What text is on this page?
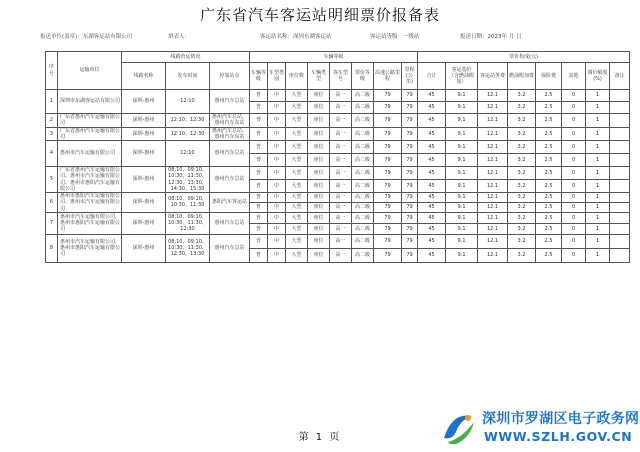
广东省汽车客运站明细票价报备表
报送单位(盖章)：东湖客运站有限公司	填表人：	客运站名称：深圳东湖客运站	客运站等级：一级站	报送日期：2023年 月 日
序号	运输单位	线路营运情况			车辆等级								票价构成(元)							
		线路名称	发车时间	停靠站点	车辆等级	车型类别	座位数	车辆类型	客车型号	票价等级	高速公路里程	里程(公里)	合计	客运基价（含燃油附加）	客运站务费	燃油附加费	保险费	其他	调价幅度(%)	备注
1	深圳市东湖客运站有限公司	深圳-惠州	12:10	惠州汽车总站	普	中	大型	座位	高一	高二级	79	79	45	9.1	12.1	3.2	2.5	0	1	
					普	中	大型	座位	高一	高二级	79	79	45	9.1	12.1	3.2	2.5	0	1	
2	广东省惠州汽车运输有限公司	深圳-惠州	12:10、12:30	惠州汽车总站、惠州汽车东站	普	中	大型	座位	高一	高二级	79	79	45	9.1	12.1	3.2	2.5	0	1	
3	广东省惠州汽车运输有限公司	深圳-惠州	12:10、12:30	惠州汽车总站、惠州汽车东站	普	中	大型	座位	高一	高二级	79	79	45	9.1	12.1	3.2	2.5	0	1	
4	惠州市汽车运输有限公司	深圳-惠州	12:10	惠州汽车总站	普	中	大型	座位	高一	高二级	79	79	45	9.1	12.1	3.2	2.5	0	1	
					普	中	大型	座位	高一	高二级	79	79	45	9.1	12.1	3.2	2.5	0	1	
5	广东省惠州汽车运输有限公司、惠州市汽车运输有限公司、惠州市惠阳汽车运输有限公司	深圳-惠州	08:10、09:10、10:30、11:30、12:30、13:30、14:30、15:30	惠州汽车总站	普	中	大型	座位	高一	高二级	79	79	45	9.1	12.1	3.2	2.5	0	1	
					普	中	大型	座位	高一	高二级	79	79	45	9.1	12.1	3.2	2.5	0	1	
6	惠州市惠阳汽车运输有限公司、惠州市汽车运输有限公司	深圳-惠州	08:10、09:10、10:30、11:30	惠阳汽车客运站	普	中	大型	座位	高一	高二级	79	79	45	9.1	12.1	3.2	2.5	0	1	
					普	中	大型	座位	高一	高二级	79	79	45	9.1	12.1	3.2	2.5	0	1	
7	惠州市汽车运输有限公司、惠州市惠阳汽车运输有限公司	深圳-惠州	08:10、09:10、10:30、11:30、12:30	惠州汽车总站	普	中	大型	座位	高一	高二级	79	79	45	9.1	12.1	3.2	2.5	0	1	
					普	中	大型	座位	高一	高二级	79	79	45	9.1	12.1	3.2	2.5	0	1	
8	惠州市汽车运输有限公司、惠州市惠阳汽车运输有限公司	深圳-惠州	08:10、09:10、10:30、11:30、12:30、13:30	惠州汽车总站	普	中	大型	座位	高一	高二级	79	79	45	9.1	12.1	3.2	2.5	0	1	
					普	中	大型	座位	高一	高二级	79	79	45	9.1	12.1	3.2	2.5	0	1	
第 1 页
深圳市罗湖区电子政务网
WWW.SZLH.GOV.CN
